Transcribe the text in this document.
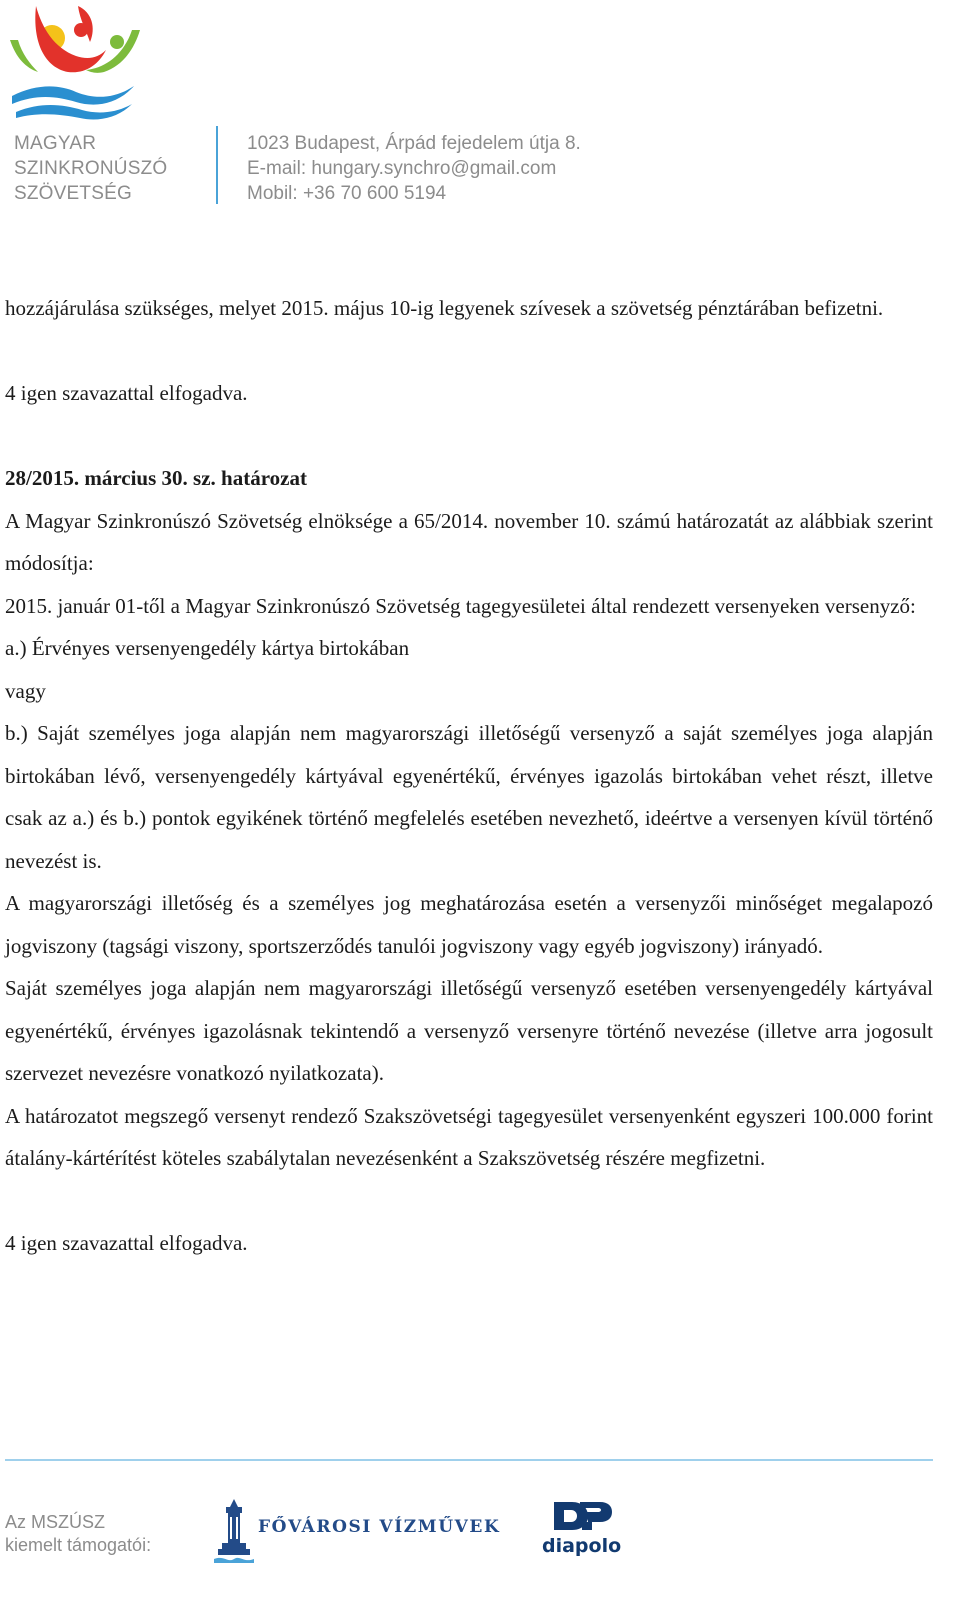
MAGYAR
SZINKRONÚSZÓ
SZÖVETSÉG
1023 Budapest, Árpád fejedelem útja 8.
E-mail: hungary.synchro@gmail.com
Mobil: +36 70 600 5194

hozzájárulása szükséges, melyet 2015. május 10-ig legyenek szívesek a szövetség pénztárában befizetni.

4 igen szavazattal elfogadva.

28/2015. március 30. sz. határozat

A Magyar Szinkronúszó Szövetség elnöksége a 65/2014. november 10. számú határozatát az alábbiak szerint módosítja:

2015. január 01-től a Magyar Szinkronúszó Szövetség tagegyesületei által rendezett versenyeken versenyző:

a.) Érvényes versenyengedély kártya birtokában

vagy

b.) Saját személyes joga alapján nem magyarországi illetőségű versenyző a saját személyes joga alapján birtokában lévő, versenyengedély kártyával egyenértékű, érvényes igazolás birtokában vehet részt, illetve csak az a.) és b.) pontok egyikének történő megfelelés esetében nevezhető, ideértve a versenyen kívül történő nevezést is.

A magyarországi illetőség és a személyes jog meghatározása esetén a versenyzői minőséget megalapozó jogviszony (tagsági viszony, sportszerződés tanulói jogviszony vagy egyéb jogviszony) irányadó.

Saját személyes joga alapján nem magyarországi illetőségű versenyző esetében versenyengedély kártyával egyenértékű, érvényes igazolásnak tekintendő a versenyző versenyre történő nevezése (illetve arra jogosult szervezet nevezésre vonatkozó nyilatkozata).

A határozatot megszegő versenyt rendező Szakszövetségi tagegyesület versenyenként egyszeri 100.000 forint átalány-kártérítést köteles szabálytalan nevezésenként a Szakszövetség részére megfizetni.

4 igen szavazattal elfogadva.

Az MSZÚSZ
kiemelt támogatói:
FŐVÁROSI VÍZMŰVEK
diapolo
